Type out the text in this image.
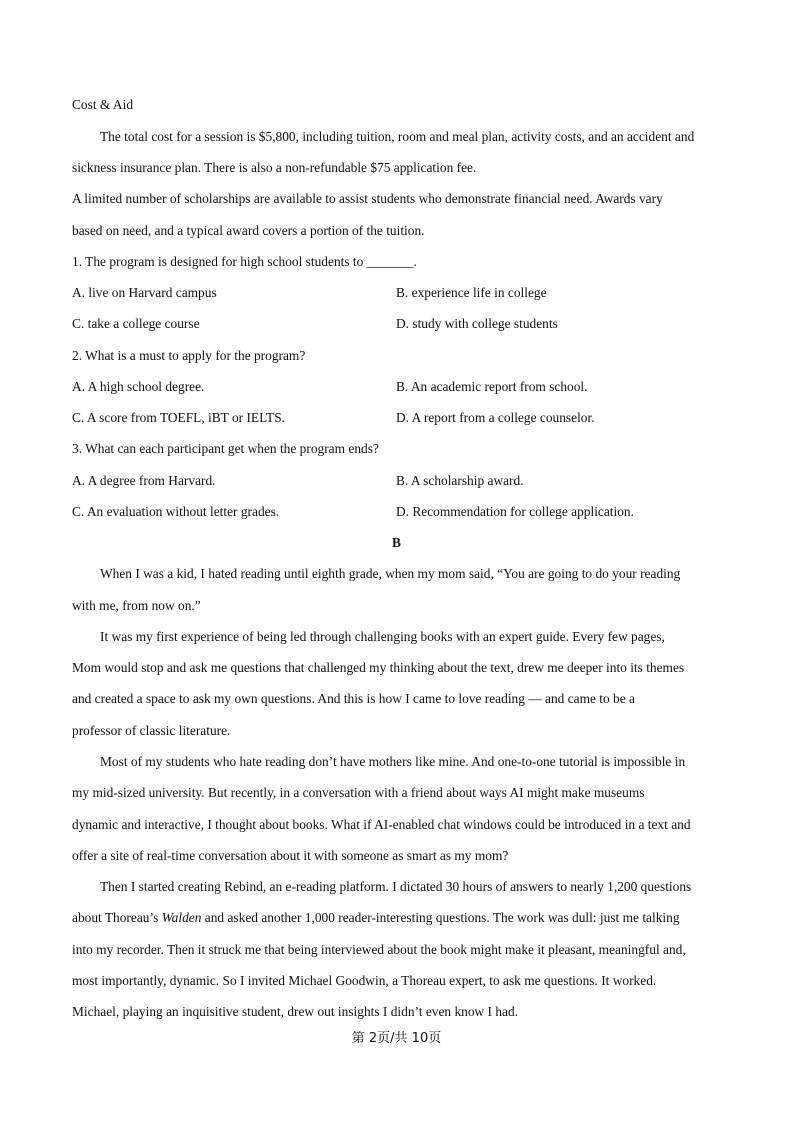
Cost & Aid
The total cost for a session is $5,800, including tuition, room and meal plan, activity costs, and an accident and
sickness insurance plan. There is also a non-refundable $75 application fee.
A limited number of scholarships are available to assist students who demonstrate financial need. Awards vary
based on need, and a typical award covers a portion of the tuition.
1. The program is designed for high school students to _______.
A. live on Harvard campus	B. experience life in college
C. take a college course	D. study with college students
2. What is a must to apply for the program?
A. A high school degree.	B. An academic report from school.
C. A score from TOEFL, iBT or IELTS.	D. A report from a college counselor.
3. What can each participant get when the program ends?
A. A degree from Harvard.	B. A scholarship award.
C. An evaluation without letter grades.	D. Recommendation for college application.
B
When I was a kid, I hated reading until eighth grade, when my mom said, “You are going to do your reading
with me, from now on.”
It was my first experience of being led through challenging books with an expert guide. Every few pages,
Mom would stop and ask me questions that challenged my thinking about the text, drew me deeper into its themes
and created a space to ask my own questions. And this is how I came to love reading — and came to be a
professor of classic literature.
Most of my students who hate reading don’t have mothers like mine. And one-to-one tutorial is impossible in
my mid-sized university. But recently, in a conversation with a friend about ways AI might make museums
dynamic and interactive, I thought about books. What if AI-enabled chat windows could be introduced in a text and
offer a site of real-time conversation about it with someone as smart as my mom?
Then I started creating Rebind, an e-reading platform. I dictated 30 hours of answers to nearly 1,200 questions
about Thoreau’s Walden and asked another 1,000 reader-interesting questions. The work was dull: just me talking
into my recorder. Then it struck me that being interviewed about the book might make it pleasant, meaningful and,
most importantly, dynamic. So I invited Michael Goodwin, a Thoreau expert, to ask me questions. It worked.
Michael, playing an inquisitive student, drew out insights I didn’t even know I had.
第 2页/共 10页
